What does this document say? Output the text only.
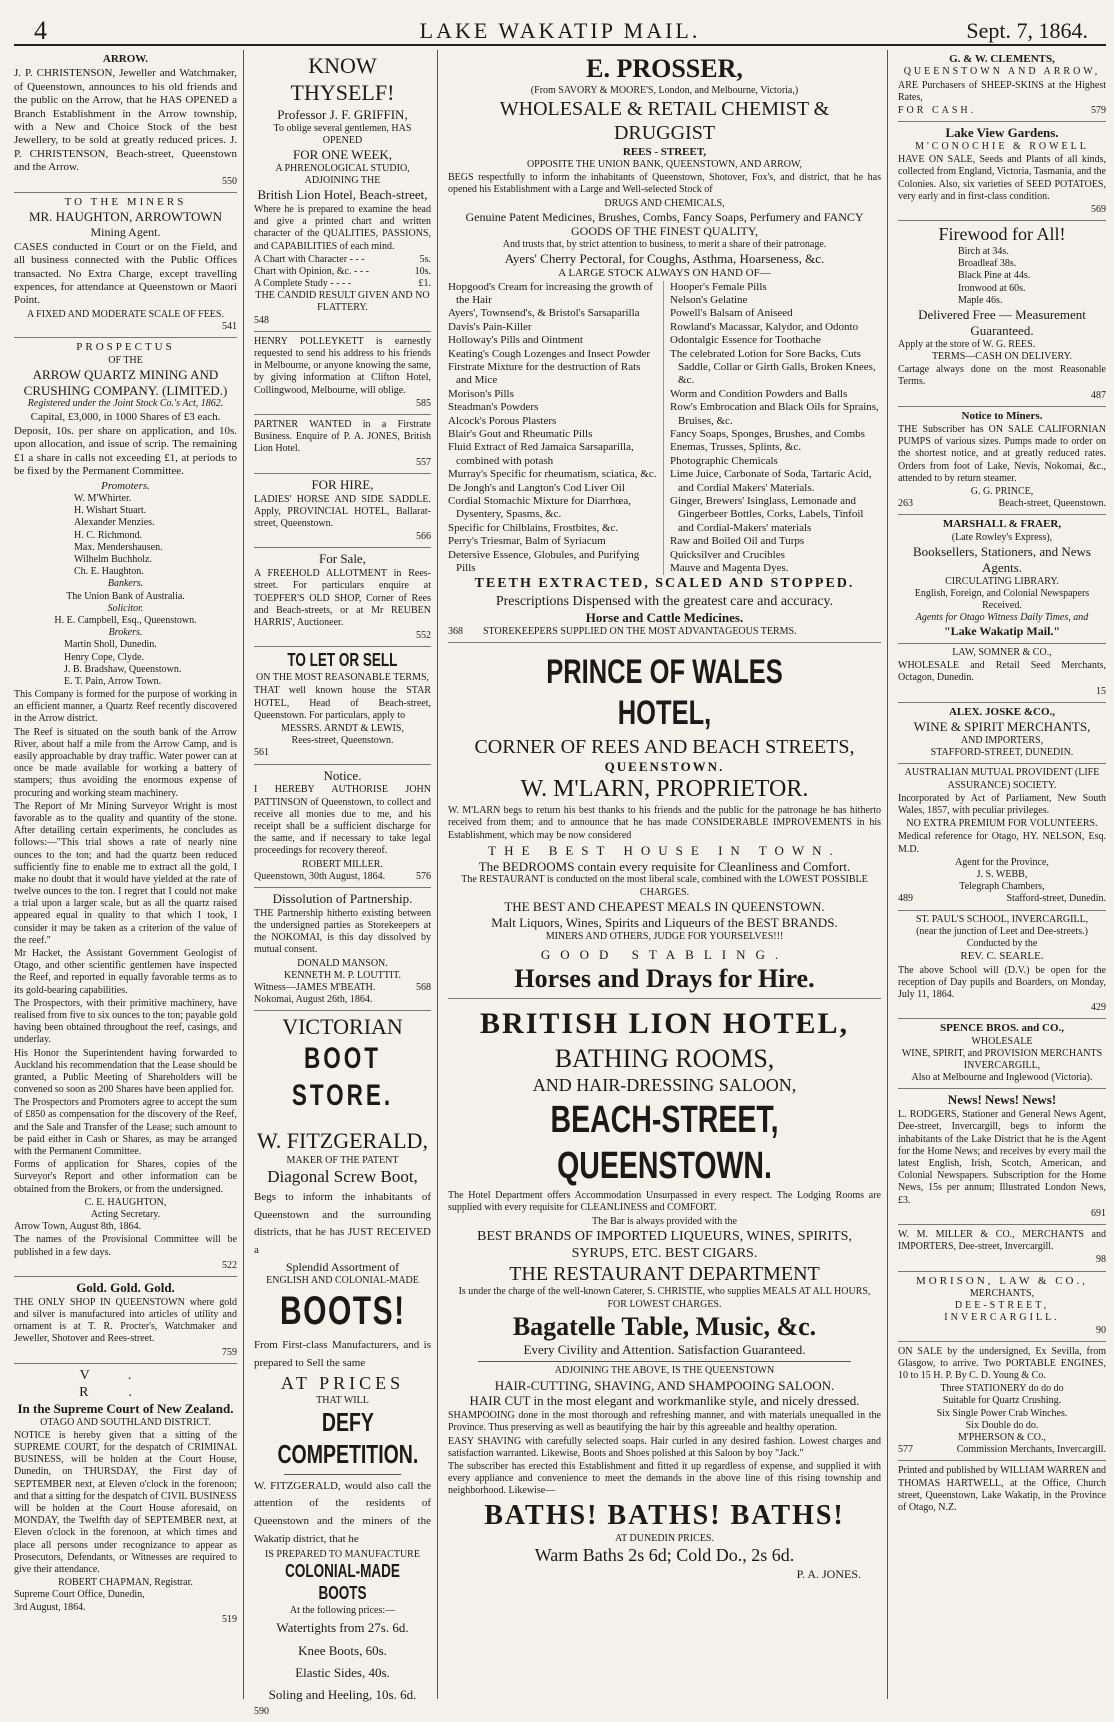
4	LAKE WAKATIP MAIL.	Sept. 7, 1864.
ARROW.

J. P. CHRISTENSON, Jeweller and Watchmaker, of Queenstown, announces to his old friends and the public on the Arrow, that he HAS OPENED a Branch Establishment in the Arrow township, with a New and Choice Stock of the best Jewellery, to be sold at greatly reduced prices. J. P. CHRISTENSON, Beach-street, Queenstown and the Arrow.

550
TO THE MINERS
MR. HAUGHTON, ARROWTOWN
Mining Agent.

CASES conducted in Court or on the Field, and all business connected with the Public Offices transacted. No Extra Charge, except travelling expences, for attendance at Queenstown or Maori Point.

A FIXED AND MODERATE SCALE OF FEES.
541
PROSPECTUS
OF THE
ARROW QUARTZ MINING AND CRUSHING COMPANY. (LIMITED.)
Registered under the Joint Stock Co.'s Act, 1862.
Capital, £3,000, in 1000 Shares of £3 each.

Deposit, 10s. per share on application, and 10s. upon allocation, and issue of scrip. The remaining £1 a share in calls not exceeding £1, at periods to be fixed by the Permanent Committee.

Promoters.
W. M'Whirter.
H. Wishart Stuart.
Alexander Menzies.
H. C. Richmond.
Max. Mendershausen.
Wilhelm Buchholz.
Ch. E. Haughton.
Bankers.
The Union Bank of Australia.
Solicitor.
H. E. Campbell, Esq., Queenstown.
Brokers.
Martin Sholl, Dunedin.
Henry Cope, Clyde.
J. B. Bradshaw, Queenstown.
E. T. Pain, Arrow Town.

This Company is formed for the purpose of working in an efficient manner, a Quartz Reef recently discovered in the Arrow district.

The Reef is situated on the south bank of the Arrow River, about half a mile from the Arrow Camp, and is easily approachable by dray traffic. Water power can at once be made available for working a battery of stampers; thus avoiding the enormous expense of procuring and working steam machinery.

The Report of Mr Mining Surveyor Wright is most favorable as to the quality and quantity of the stone. After detailing certain experiments, he concludes as follows:—"This trial shows a rate of nearly nine ounces to the ton; and had the quartz been reduced sufficiently fine to enable me to extract all the gold, I make no doubt that it would have yielded at the rate of twelve ounces to the ton. I regret that I could not make a trial upon a larger scale, but as all the quartz raised appeared equal in quality to that which I took, I consider it may be taken as a criterion of the value of the reef."

Mr Hacket, the Assistant Government Geologist of Otago, and other scientific gentlemen have inspected the Reef, and reported in equally favorable terms as to its gold-bearing capabilities.

The Prospectors, with their primitive machinery, have realised from five to six ounces to the ton; payable gold having been obtained throughout the reef, casings, and underlay.

His Honor the Superintendent having forwarded to Auckland his recommendation that the Lease should be granted, a Public Meeting of Shareholders will be convened so soon as 200 Shares have been applied for.

The Prospectors and Promoters agree to accept the sum of £850 as compensation for the discovery of the Reef, and the Sale and Transfer of the Lease; such amount to be paid either in Cash or Shares, as may be arranged with the Permanent Committee.

Forms of application for Shares, copies of the Surveyor's Report and other information can be obtained from the Brokers, or from the undersigned.

C. E. HAUGHTON,
Acting Secretary.
Arrow Town, August 8th, 1864.

The names of the Provisional Committee will be published in a few days.

522
Gold. Gold. Gold.

THE ONLY SHOP IN QUEENSTOWN where gold and silver is manufactured into articles of utility and ornament is at T. R. Procter's, Watchmaker and Jeweller, Shotover and Rees-street.

759
V. R.
In the Supreme Court of New Zealand.
OTAGO AND SOUTHLAND DISTRICT.

NOTICE is hereby given that a sitting of the SUPREME COURT, for the despatch of CRIMINAL BUSINESS, will be holden at the Court House, Dunedin, on THURSDAY, the First day of SEPTEMBER next, at Eleven o'clock in the forenoon; and that a sitting for the despatch of CIVIL BUSINESS will be holden at the Court House aforesaid, on MONDAY, the Twelfth day of SEPTEMBER next, at Eleven o'clock in the forenoon, at which times and place all persons under recognizance to appear as Prosecutors, Defendants, or Witnesses are required to give their attendance.

ROBERT CHAPMAN, Registrar.
Supreme Court Office, Dunedin,
3rd August, 1864.
519
KNOW THYSELF!
Professor J. F. GRIFFIN,
To oblige several gentlemen, HAS OPENED
FOR ONE WEEK,
A PHRENOLOGICAL STUDIO, ADJOINING THE
British Lion Hotel, Beach-street,

Where he is prepared to examine the head and give a printed chart and written character of the QUALITIES, PASSIONS, and CAPABILITIES of each mind.

A Chart with Character - - -	5s.
Chart with Opinion, &c. - - -	10s.
A Complete Study - - - -	£1.
THE CANDID RESULT GIVEN AND NO FLATTERY.
548

HENRY POLLEYKETT is earnestly requested to send his address to his friends in Melbourne, or anyone knowing the same, by giving information at Clifton Hotel, Collingwood, Melbourne, will oblige.

585

PARTNER WANTED in a Firstrate Business. Enquire of P. A. JONES, British Lion Hotel.

557
FOR HIRE,

LADIES' HORSE AND SIDE SADDLE. Apply, PROVINCIAL HOTEL, Ballarat-street, Queenstown.

566
For Sale,

A FREEHOLD ALLOTMENT in Rees-street. For particulars enquire at TOEPFER'S OLD SHOP, Corner of Rees and Beach-streets, or at Mr REUBEN HARRIS', Auctioneer.

552
TO LET OR SELL
ON THE MOST REASONABLE TERMS,

THAT well known house the STAR HOTEL, Head of Beach-street, Queenstown. For particulars, apply to

MESSRS. ARNDT & LEWIS,
Rees-street, Queenstown.
561
Notice.

I HEREBY AUTHORISE JOHN PATTINSON of Queenstown, to collect and receive all monies due to me, and his receipt shall be a sufficient discharge for the same, and if necessary to take legal proceedings for recovery thereof.

ROBERT MILLER.
Queenstown, 30th August, 1864.	576
Dissolution of Partnership.

THE Partnership hitherto existing between the undersigned parties as Storekeepers at the NOKOMAI, is this day dissolved by mutual consent.

DONALD MANSON.
KENNETH M. P. LOUTTIT.
Witness—JAMES M'BEATH.	568
Nokomai, August 26th, 1864.
VICTORIAN
BOOT STORE.
W. FITZGERALD,
MAKER OF THE PATENT
Diagonal Screw Boot,

Begs to inform the inhabitants of Queenstown and the surrounding districts, that he has JUST RECEIVED a

Splendid Assortment of
ENGLISH AND COLONIAL-MADE
BOOTS!

From First-class Manufacturers, and is prepared to Sell the same

AT PRICES
THAT WILL
DEFY COMPETITION.

W. FITZGERALD, would also call the attention of the residents of Queenstown and the miners of the Wakatip district, that he

IS PREPARED TO MANUFACTURE
COLONIAL-MADE BOOTS
At the following prices:—
Watertights from 27s. 6d.
Knee Boots, 60s.
Elastic Sides, 40s.
Soling and Heeling, 10s. 6d.
590
E. PROSSER,
(From SAVORY & MOORE'S, London, and Melbourne, Victoria,)
WHOLESALE & RETAIL CHEMIST & DRUGGIST
REES - STREET,
OPPOSITE THE UNION BANK, QUEENSTOWN, AND ARROW,

BEGS respectfully to inform the inhabitants of Queenstown, Shotover, Fox's, and district, that he has opened his Establishment with a Large and Well-selected Stock of

DRUGS AND CHEMICALS,
Genuine Patent Medicines, Brushes, Combs, Fancy Soaps, Perfumery and FANCY GOODS OF THE FINEST QUALITY,
And trusts that, by strict attention to business, to merit a share of their patronage.
Ayers' Cherry Pectoral, for Coughs, Asthma, Hoarseness, &c.
A LARGE STOCK ALWAYS ON HAND OF—
Hopgood's Cream for increasing the growth of the Hair
Ayers', Townsend's, & Bristol's Sarsaparilla
Davis's Pain-Killer
Holloway's Pills and Ointment
Keating's Cough Lozenges and Insect Powder
Firstrate Mixture for the destruction of Rats and Mice
Morison's Pills
Steadman's Powders
Alcock's Porous Plasters
Blair's Gout and Rheumatic Pills
Fluid Extract of Red Jamaica Sarsaparilla, combined with potash
Murray's Specific for rheumatism, sciatica, &c.
De Jongh's and Langton's Cod Liver Oil
Cordial Stomachic Mixture for Diarrhœa, Dysentery, Spasms, &c.
Specific for Chilblains, Frostbites, &c.
Perry's Triesmar, Balm of Syriacum
Detersive Essence, Globules, and Purifying Pills
Hooper's Female Pills
Nelson's Gelatine
Powell's Balsam of Aniseed
Rowland's Macassar, Kalydor, and Odonto
Odontalgic Essence for Toothache
The celebrated Lotion for Sore Backs, Cuts Saddle, Collar or Girth Galls, Broken Knees, &c.
Worm and Condition Powders and Balls
Row's Embrocation and Black Oils for Sprains, Bruises, &c.
Fancy Soaps, Sponges, Brushes, and Combs
Enemas, Trusses, Splints, &c.
Photographic Chemicals
Lime Juice, Carbonate of Soda, Tartaric Acid, and Cordial Makers' Materials.
Ginger, Brewers' Isinglass, Lemonade and Gingerbeer Bottles, Corks, Labels, Tinfoil and Cordial-Makers' materials
Raw and Boiled Oil and Turps
Quicksilver and Crucibles
Mauve and Magenta Dyes.
TEETH EXTRACTED, SCALED AND STOPPED.
Prescriptions Dispensed with the greatest care and accuracy.
Horse and Cattle Medicines.
368 STOREKEEPERS SUPPLIED ON THE MOST ADVANTAGEOUS TERMS.
PRINCE OF WALES HOTEL,
CORNER OF REES AND BEACH STREETS,
QUEENSTOWN.
W. M'LARN, PROPRIETOR.

W. M'LARN begs to return his best thanks to his friends and the public for the patronage he has hitherto received from them; and to announce that he has made CONSIDERABLE IMPROVEMENTS in his Establishment, which may be now considered

THE BEST HOUSE IN TOWN.
The BEDROOMS contain every requisite for Cleanliness and Comfort.
The RESTAURANT is conducted on the most liberal scale, combined with the LOWEST POSSIBLE CHARGES.
THE BEST AND CHEAPEST MEALS IN QUEENSTOWN.
Malt Liquors, Wines, Spirits and Liqueurs of the BEST BRANDS.
MINERS AND OTHERS, JUDGE FOR YOURSELVES!!!
GOOD STABLING.
Horses and Drays for Hire.
BRITISH LION HOTEL,
BATHING ROOMS,
AND HAIR-DRESSING SALOON,
BEACH-STREET, QUEENSTOWN.

The Hotel Department offers Accommodation Unsurpassed in every respect. The Lodging Rooms are supplied with every requisite for CLEANLINESS and COMFORT.

The Bar is always provided with the
BEST BRANDS OF IMPORTED LIQUEURS, WINES, SPIRITS, SYRUPS, ETC. BEST CIGARS.
THE RESTAURANT DEPARTMENT
Is under the charge of the well-known Caterer, S. CHRISTIE, who supplies MEALS AT ALL HOURS, FOR LOWEST CHARGES.
Bagatelle Table, Music, &c.
Every Civility and Attention. Satisfaction Guaranteed.
ADJOINING THE ABOVE, IS THE QUEENSTOWN
HAIR-CUTTING, SHAVING, AND SHAMPOOING SALOON.
HAIR CUT in the most elegant and workmanlike style, and nicely dressed.

SHAMPOOING done in the most thorough and refreshing manner, and with materials unequalled in the Province. Thus preserving as well as beautifying the hair by this agreeable and healthy operation.

EASY SHAVING with carefully selected soaps. Hair curled in any desired fashion. Lowest charges and satisfaction warranted. Likewise, Boots and Shoes polished at this Saloon by boy "Jack."

The subscriber has erected this Establishment and fitted it up regardless of expense, and supplied it with every appliance and convenience to meet the demands in the above line of this rising township and neighborhood. Likewise—

BATHS! BATHS! BATHS!
AT DUNEDIN PRICES.
Warm Baths 2s 6d; Cold Do., 2s 6d.
P. A. JONES.
G. & W. CLEMENTS,
QUEENSTOWN AND ARROW,

ARE Purchasers of SHEEP-SKINS at the Highest Rates,

FOR CASH.	579
Lake View Gardens.
M'CONOCHIE & ROWELL

HAVE ON SALE, Seeds and Plants of all kinds, collected from England, Victoria, Tasmania, and the Colonies. Also, six varieties of SEED POTATOES, very early and in first-class condition.

569
Firewood for All!
Birch at 34s.
Broadleaf 38s.
Black Pine at 44s.
Ironwood at 60s.
Maple 46s.
Delivered Free — Measurement Guaranteed.
Apply at the store of W. G. REES.
TERMS—CASH ON DELIVERY.

Cartage always done on the most Reasonable Terms.

487
Notice to Miners.

THE Subscriber has ON SALE CALIFORNIAN PUMPS of various sizes. Pumps made to order on the shortest notice, and at greatly reduced rates. Orders from foot of Lake, Nevis, Nokomai, &c., attended to by return steamer.

G. G. PRINCE,
263	Beach-street, Queenstown.
MARSHALL & FRAER,
(Late Rowley's Express),
Booksellers, Stationers, and News Agents.
CIRCULATING LIBRARY.
English, Foreign, and Colonial Newspapers Received.
Agents for Otago Witness Daily Times, and
"Lake Wakatip Mail."
LAW, SOMNER & CO.,

WHOLESALE and Retail Seed Merchants, Octagon, Dunedin.

15
ALEX. JOSKE &CO.,
WINE & SPIRIT MERCHANTS,
AND IMPORTERS,
STAFFORD-STREET, DUNEDIN.
AUSTRALIAN MUTUAL PROVIDENT (LIFE ASSURANCE) SOCIETY.

Incorporated by Act of Parliament, New South Wales, 1857, with peculiar privileges.

NO EXTRA PREMIUM FOR VOLUNTEERS.

Medical reference for Otago, HY. NELSON, Esq. M.D.

Agent for the Province,
J. S. WEBB,
Telegraph Chambers,
489	Stafford-street, Dunedin.
ST. PAUL'S SCHOOL, INVERCARGILL,
(near the junction of Leet and Dee-streets.)
Conducted by the
REV. C. SEARLE.

The above School will (D.V.) be open for the reception of Day pupils and Boarders, on Monday, July 11, 1864.

429
SPENCE BROS. and CO.,
WHOLESALE
WINE, SPIRIT, and PROVISION MERCHANTS INVERCARGILL,
Also at Melbourne and Inglewood (Victoria).
News! News! News!

L. RODGERS, Stationer and General News Agent, Dee-street, Invercargill, begs to inform the inhabitants of the Lake District that he is the Agent for the Home News; and receives by every mail the latest English, Irish, Scotch, American, and Colonial Newspapers. Subscription for the Home News, 15s per annum; Illustrated London News, £3.

691

W. M. MILLER & CO., MERCHANTS and IMPORTERS, Dee-street, Invercargill.

98
MORISON, LAW & CO.,
MERCHANTS,
DEE-STREET, INVERCARGILL.
90

ON SALE by the undersigned, Ex Sevilla, from Glasgow, to arrive. Two PORTABLE ENGINES, 10 to 15 H. P. By C. D. Young & Co.

Three STATIONERY do do do
Suitable for Quartz Crushing.
Six Single Power Crab Winches.
Six Double do do.
M'PHERSON & CO.,
577	Commission Merchants, Invercargill.

Printed and published by WILLIAM WARREN and THOMAS HARTWELL, at the Office, Church street, Queenstown, Lake Wakatip, in the Province of Otago, N.Z.
